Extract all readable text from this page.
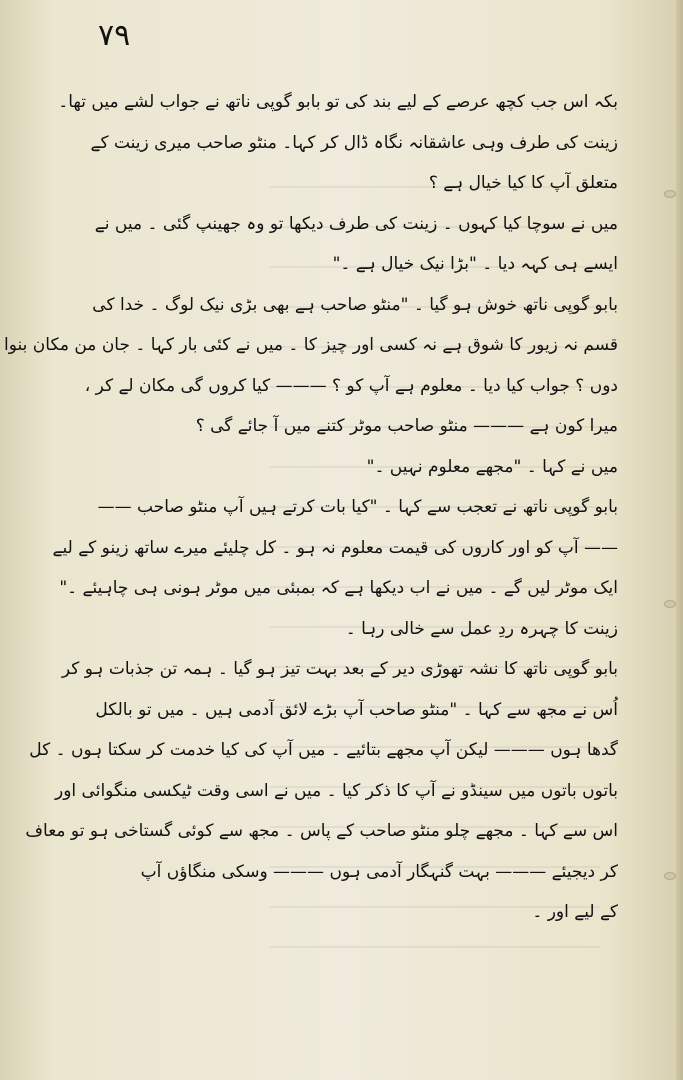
۷۹
بکہ اس جب کچھ عرصے کے لیے بند کی تو بابو گوپی ناتھ نے جواب لشے میں تھا۔
زینت کی طرف وہی عاشقانہ نگاہ ڈال کر کہا۔ منٹو صاحب میری زینت کے
متعلق آپ کا کیا خیال ہے ؟
میں نے سوچا کیا کہوں ۔ زینت کی طرف دیکھا تو وہ جھینپ گئی ۔ میں نے
ایسے ہی کہہ دیا ۔ "بڑا نیک خیال ہے ۔"
بابو گوپی ناتھ خوش ہو گیا ۔ "منٹو صاحب ہے بھی بڑی نیک لوگ ۔ خدا کی
قسم نہ زیور کا شوق ہے نہ کسی اور چیز کا ۔ میں نے کئی بار کہا ۔ جان من مکان بنوا
دوں ؟ جواب کیا دیا ۔ معلوم ہے آپ کو ؟ ——— کیا کروں گی مکان لے کر ،
میرا کون ہے ——— منٹو صاحب موٹر کتنے میں آ جائے گی ؟
میں نے کہا ۔ "مجھے معلوم نہیں ۔"
بابو گوپی ناتھ نے تعجب سے کہا ۔ "کیا بات کرتے ہیں آپ منٹو صاحب ——
—— آپ کو اور کاروں کی قیمت معلوم نہ ہو ۔ کل چلیئے میرے ساتھ زینو کے لیے
ایک موٹر لیں گے ۔ میں نے اب دیکھا ہے کہ بمبئی میں موٹر ہونی ہی چاہیئے ۔"
زینت کا چہرہ ردِ عمل سے خالی رہا ۔
بابو گوپی ناتھ کا نشہ تھوڑی دیر کے بعد بہت تیز ہو گیا ۔ ہمہ تن جذبات ہو کر
اُس نے مجھ سے کہا ۔ "منٹو صاحب آپ بڑے لائق آدمی ہیں ۔ میں تو بالکل
گدھا ہوں ——— لیکن آپ مجھے بتائیے ۔ میں آپ کی کیا خدمت کر سکتا ہوں ۔ کل
باتوں باتوں میں سینڈو نے آپ کا ذکر کیا ۔ میں نے اسی وقت ٹیکسی منگوائی اور
اس سے کہا ۔ مجھے چلو منٹو صاحب کے پاس ۔ مجھ سے کوئی گستاخی ہو تو معاف
کر دیجیئے ——— بہت گنہگار آدمی ہوں ——— وسکی منگاؤں آپ
کے لیے اور ۔
